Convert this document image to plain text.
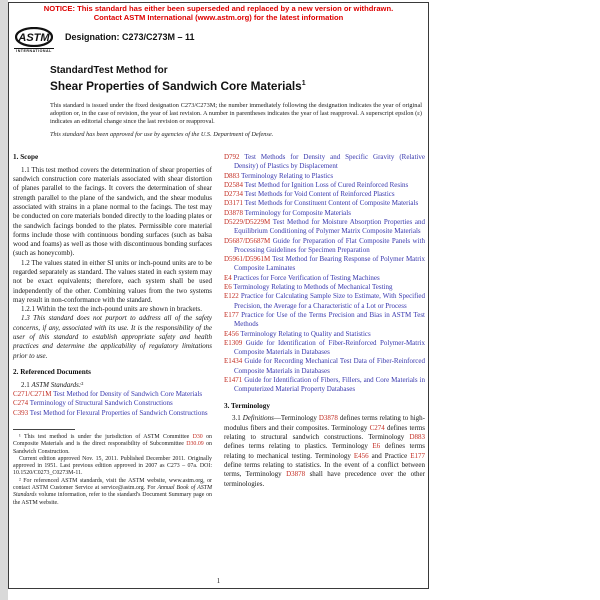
NOTICE: This standard has either been superseded and replaced by a new version or withdrawn.
Contact ASTM International (www.astm.org) for the latest information
ASTM
INTERNATIONAL
Designation: C273/C273M – 11
StandardTest Method for
Shear Properties of Sandwich Core Materials$^1$

This standard is issued under the fixed designation C273/C273M; the number immediately following the designation indicates the year of original adoption or, in the case of revision, the year of last revision. A number in parentheses indicates the year of last reapproval. A superscript epsilon (ε) indicates an editorial change since the last revision or reapproval.

This standard has been approved for use by agencies of the U.S. Department of Defense.

1. Scope

1.1 This test method covers the determination of shear properties of sandwich construction core materials associated with shear distortion of planes parallel to the facings. It covers the determination of shear strength parallel to the plane of the sandwich, and the shear modulus associated with strains in a plane normal to the facings. The test may be conducted on core materials bonded directly to the loading plates or the sandwich facings bonded to the plates. Permissible core material forms include those with continuous bonding surfaces (such as balsa wood and foams) as well as those with discontinuous bonding surfaces (such as honeycomb).

1.2 The values stated in either SI units or inch-pound units are to be regarded separately as standard. The values stated in each system may not be exact equivalents; therefore, each system shall be used independently of the other. Combining values from the two systems may result in non-conformance with the standard.

1.2.1 Within the text the inch-pound units are shown in brackets.

1.3 This standard does not purport to address all of the safety concerns, if any, associated with its use. It is the responsibility of the user of this standard to establish appropriate safety and health practices and determine the applicability of regulatory limitations prior to use.

2. Referenced Documents

2.1 ASTM Standards:²

C271/C271M Test Method for Density of Sandwich Core Materials

C274 Terminology of Structural Sandwich Constructions

C393 Test Method for Flexural Properties of Sandwich Constructions

¹ This test method is under the jurisdiction of ASTM Committee D30 on Composite Materials and is the direct responsibility of Subcommittee D30.09 on Sandwich Construction.

Current edition approved Nov. 15, 2011. Published December 2011. Originally approved in 1951. Last previous edition approved in 2007 as C273 – 07a. DOI: 10.1520/C0273_C0273M-11.

² For referenced ASTM standards, visit the ASTM website, www.astm.org, or contact ASTM Customer Service at service@astm.org. For Annual Book of ASTM Standards volume information, refer to the standard's Document Summary page on the ASTM website.

D792 Test Methods for Density and Specific Gravity (Relative Density) of Plastics by Displacement

D883 Terminology Relating to Plastics

D2584 Test Method for Ignition Loss of Cured Reinforced Resins

D2734 Test Methods for Void Content of Reinforced Plastics

D3171 Test Methods for Constituent Content of Composite Materials

D3878 Terminology for Composite Materials

D5229/D5229M Test Method for Moisture Absorption Properties and Equilibrium Conditioning of Polymer Matrix Composite Materials

D5687/D5687M Guide for Preparation of Flat Composite Panels with Processing Guidelines for Specimen Preparation

D5961/D5961M Test Method for Bearing Response of Polymer Matrix Composite Laminates

E4 Practices for Force Verification of Testing Machines

E6 Terminology Relating to Methods of Mechanical Testing

E122 Practice for Calculating Sample Size to Estimate, With Specified Precision, the Average for a Characteristic of a Lot or Process

E177 Practice for Use of the Terms Precision and Bias in ASTM Test Methods

E456 Terminology Relating to Quality and Statistics

E1309 Guide for Identification of Fiber-Reinforced Polymer-Matrix Composite Materials in Databases

E1434 Guide for Recording Mechanical Test Data of Fiber-Reinforced Composite Materials in Databases

E1471 Guide for Identification of Fibers, Fillers, and Core Materials in Computerized Material Property Databases

3. Terminology

3.1 Definitions—Terminology D3878 defines terms relating to high-modulus fibers and their composites. Terminology C274 defines terms relating to structural sandwich constructions. Terminology D883 defines terms relating to plastics. Terminology E6 defines terms relating to mechanical testing. Terminology E456 and Practice E177 define terms relating to statistics. In the event of a conflict between terms, Terminology D3878 shall have precedence over the other terminologies.

1
